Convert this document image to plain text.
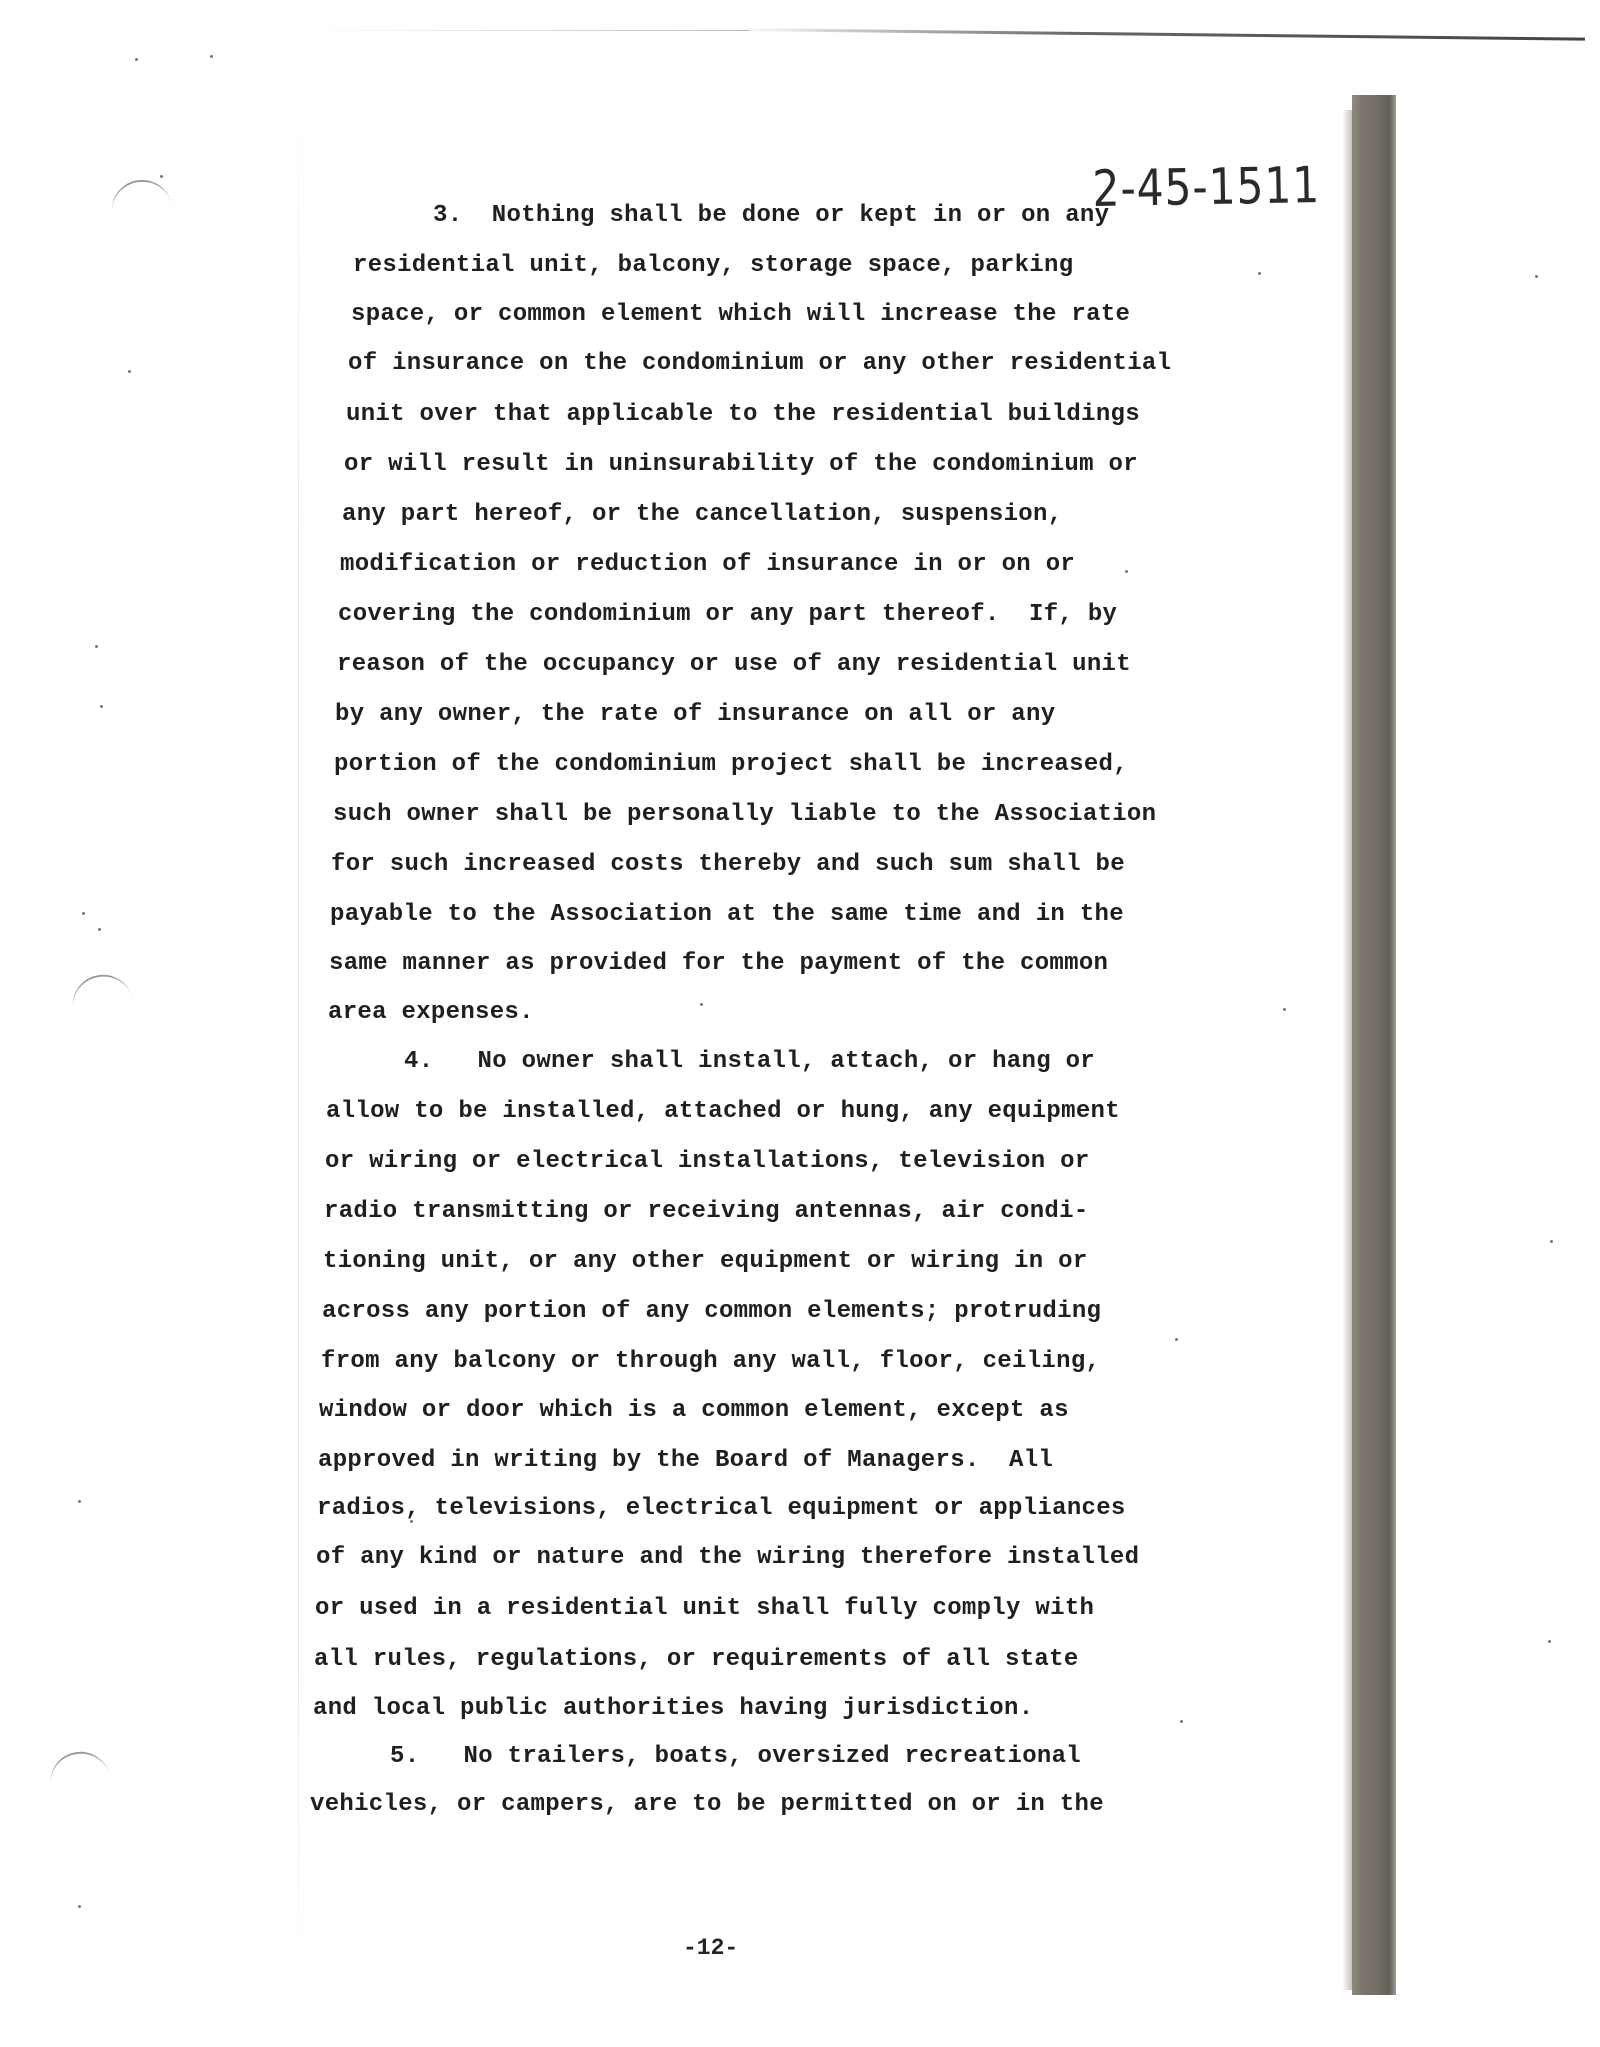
2-45-1511
3.  Nothing shall be done or kept in or on any
residential unit, balcony, storage space, parking
space, or common element which will increase the rate
of insurance on the condominium or any other residential
unit over that applicable to the residential buildings
or will result in uninsurability of the condominium or
any part hereof, or the cancellation, suspension,
modification or reduction of insurance in or on or
covering the condominium or any part thereof.  If, by
reason of the occupancy or use of any residential unit
by any owner, the rate of insurance on all or any
portion of the condominium project shall be increased,
such owner shall be personally liable to the Association
for such increased costs thereby and such sum shall be
payable to the Association at the same time and in the
same manner as provided for the payment of the common
area expenses.
4.   No owner shall install, attach, or hang or
allow to be installed, attached or hung, any equipment
or wiring or electrical installations, television or
radio transmitting or receiving antennas, air condi-
tioning unit, or any other equipment or wiring in or
across any portion of any common elements; protruding
from any balcony or through any wall, floor, ceiling,
window or door which is a common element, except as
approved in writing by the Board of Managers.  All
radios, televisions, electrical equipment or appliances
of any kind or nature and the wiring therefore installed
or used in a residential unit shall fully comply with
all rules, regulations, or requirements of all state
and local public authorities having jurisdiction.
5.   No trailers, boats, oversized recreational
vehicles, or campers, are to be permitted on or in the
-12-
